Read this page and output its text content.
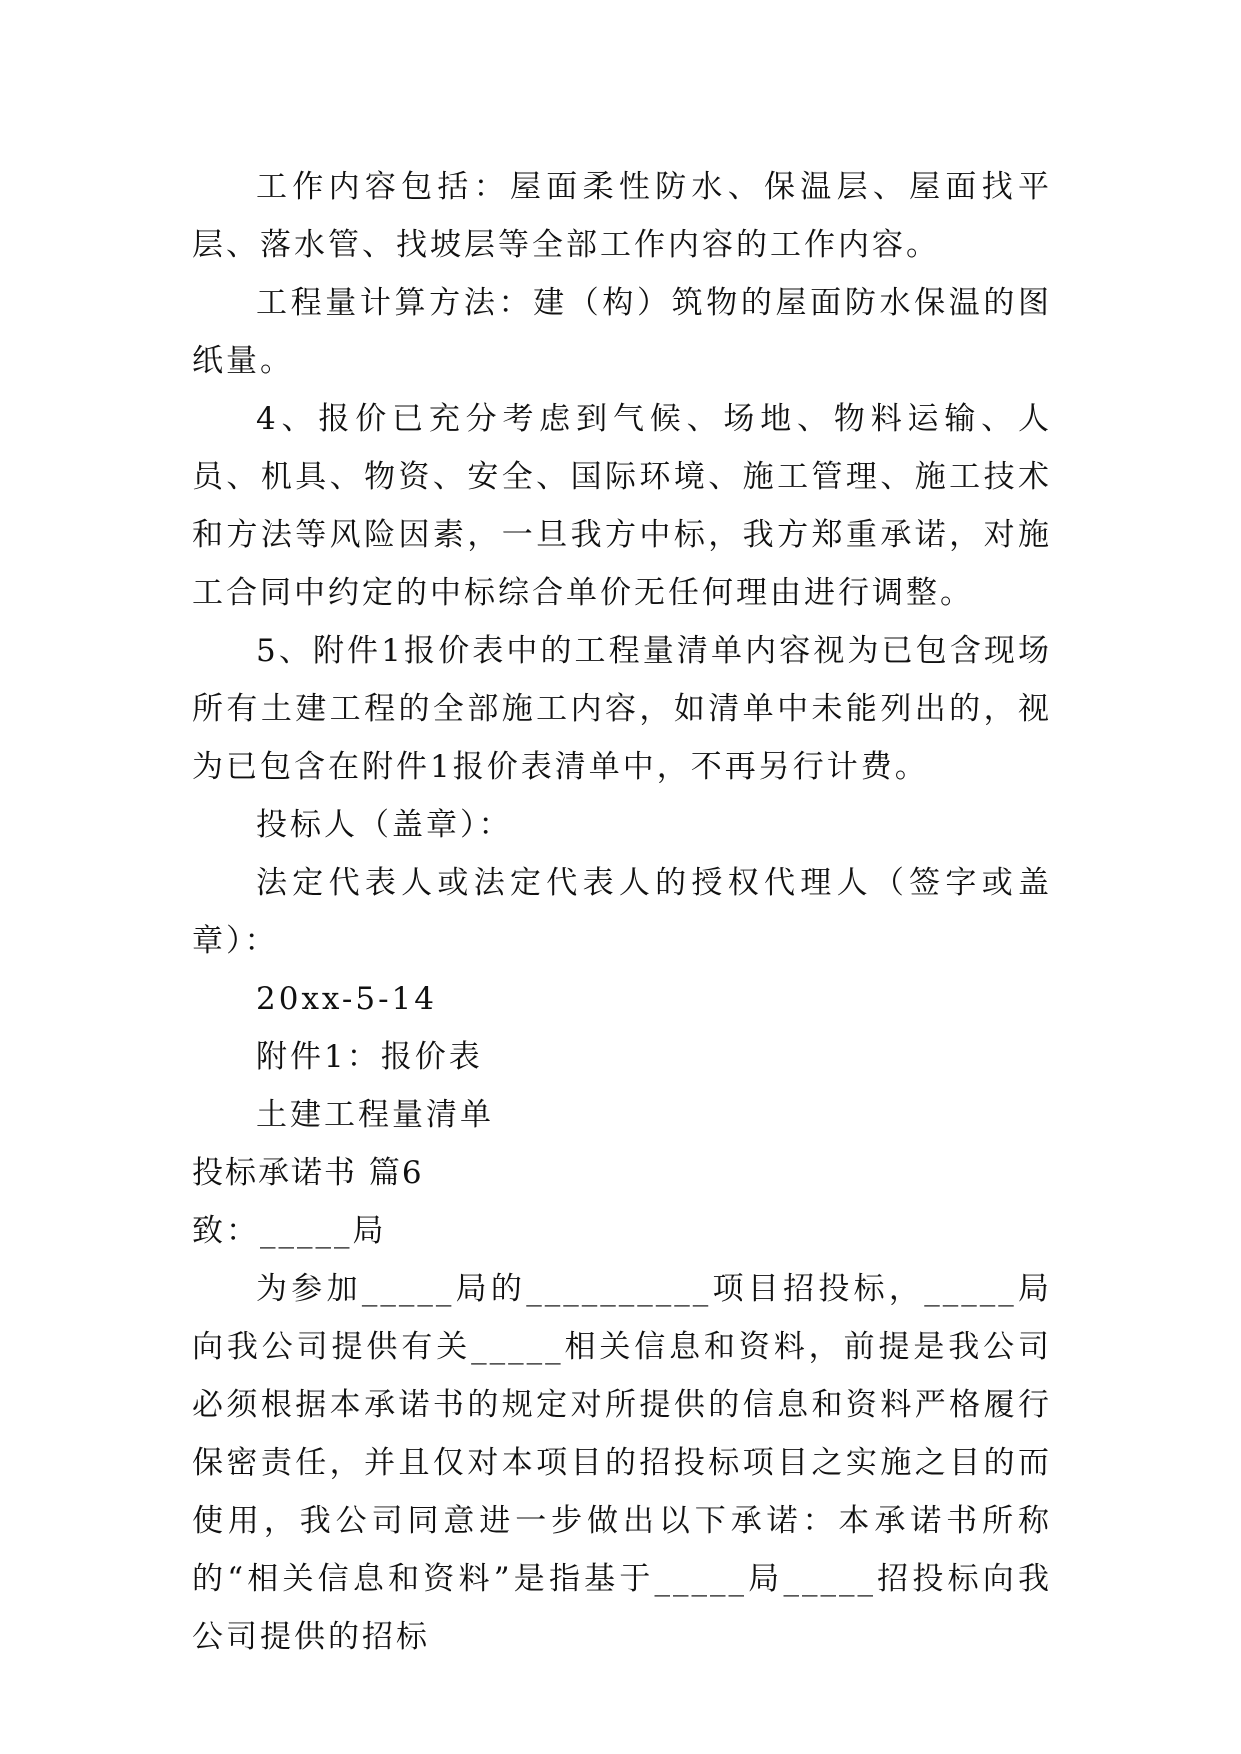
工作内容包括：屋面柔性防水、保温层、屋面找平层、落水管、找坡层等全部工作内容的工作内容。

工程量计算方法：建（构）筑物的屋面防水保温的图纸量。

4、报价已充分考虑到气候、场地、物料运输、人员、机具、物资、安全、国际环境、施工管理、施工技术和方法等风险因素，一旦我方中标，我方郑重承诺，对施工合同中约定的中标综合单价无任何理由进行调整。

5、附件1报价表中的工程量清单内容视为已包含现场所有土建工程的全部施工内容，如清单中未能列出的，视为已包含在附件1报价表清单中，不再另行计费。

投标人（盖章）：

法定代表人或法定代表人的授权代理人（签字或盖章）：

20xx-5-14

附件1：报价表

土建工程量清单

投标承诺书 篇6

致：_____局

为参加_____局的__________项目招投标，_____局向我公司提供有关_____相关信息和资料，前提是我公司必须根据本承诺书的规定对所提供的信息和资料严格履行保密责任，并且仅对本项目的招投标项目之实施之目的而使用，我公司同意进一步做出以下承诺：本承诺书所称的“相关信息和资料”是指基于_____局_____招投标向我公司提供的招标
